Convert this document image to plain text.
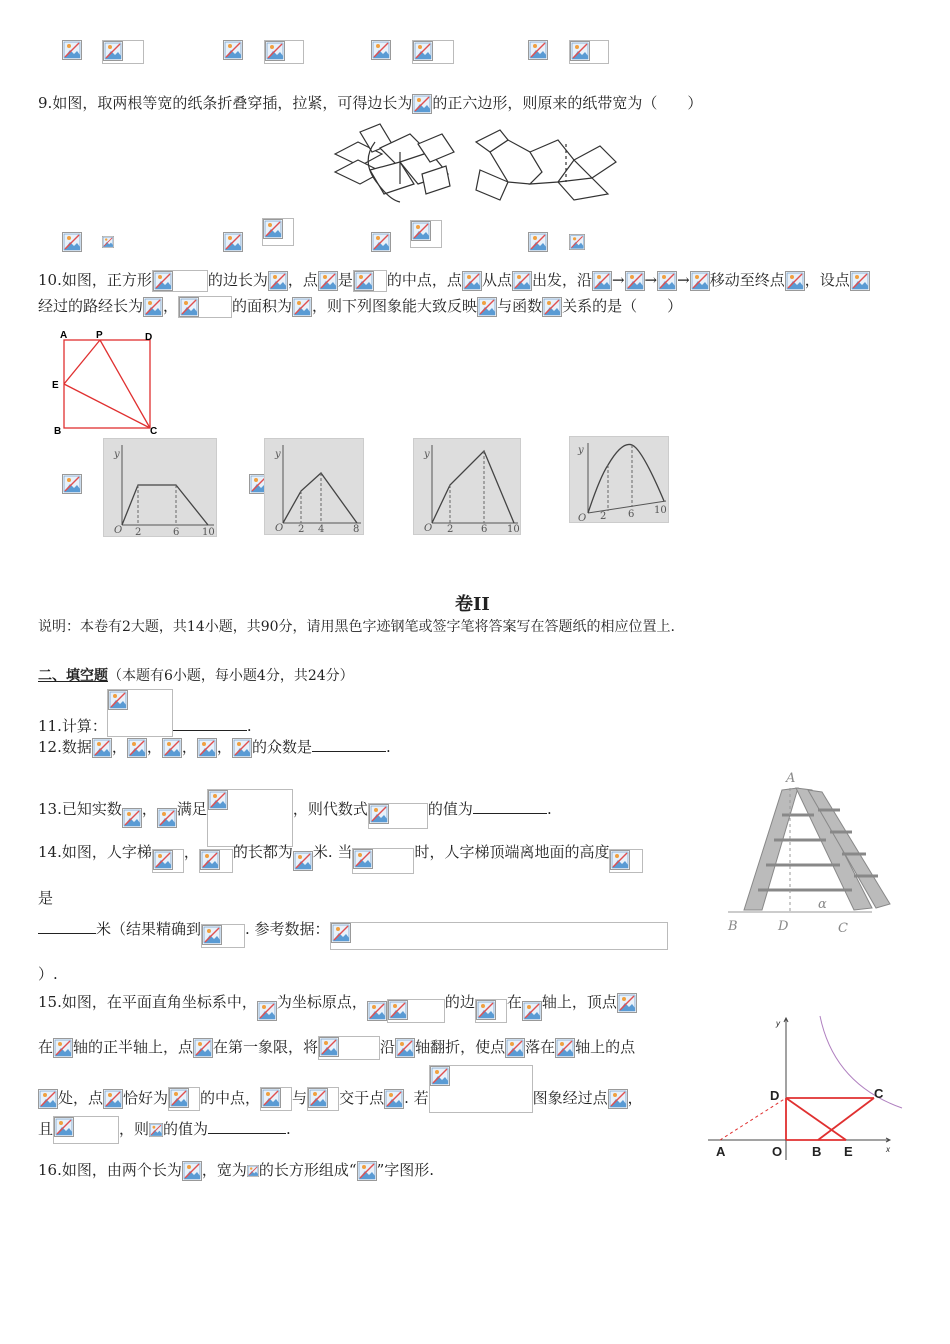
9.如图，取两根等宽的纸条折叠穿插，拉紧，可得边长为 的正六边形，则原来的纸带宽为（　　）
10.如图，正方形	的边长为 ，点 是 的中点，点 从点 出发，沿 → → → 移动至终点 ，设点
经过的路经长为 ，	的面积为 ，则下列图象能大致反映 与函数 关系的是（　　）
A	P	D
E
B	C

y
O 2	6 10

y
O 2 4	8

y
O 2	6 10
y
O 2 6 10
卷II
说明：本卷有2大题，共14小题，共90分，请用黑色字迹钢笔或签字笔将答案写在答题纸的相应位置上.
二、填空题（本题有6小题，每小题4分，共24分）
11.计算：	.
12.数据 ， ， ， ， 的众数是	.
13.已知实数 ， 满足	，则代数式	的值为	.
14.如图，人字梯 ， 的长都为 米. 当	时，人字梯顶端离地面的高度
是
米（结果精确到	. 参考数据：
）.
A
B	D	C
α
15.如图，在平面直角坐标系中， 为坐标原点，	的边 在 轴上，顶点
在 轴的正半轴上，点 在第一象限，将	沿 轴翻折，使点 落在 轴上的点
处，点 恰好为 的中点， 与 交于点 . 若	图象经过点 ，
且	，则 的值为	.
A	O B E
D	C
x
y
16.如图，由两个长为 ，宽为 的长方形组成“ ”字图形.
